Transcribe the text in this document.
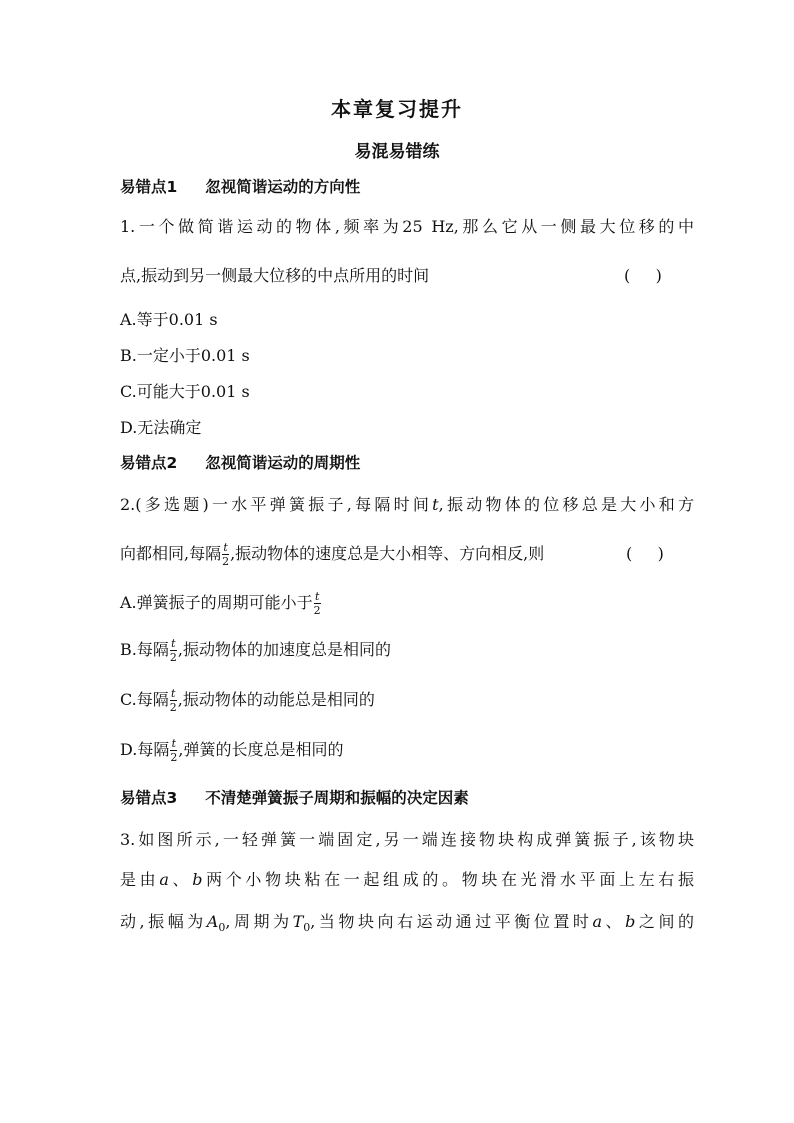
本章复习提升
易混易错练
易错点1 忽视简谐运动的方向性
1.一个做简谐运动的物体,频率为25 Hz,那么它从一侧最大位移的中
点,振动到另一侧最大位移的中点所用的时间	(     )
A.等于0.01 s
B.一定小于0.01 s
C.可能大于0.01 s
D.无法确定
易错点2 忽视简谐运动的周期性
2.(多选题)一水平弹簧振子,每隔时间t,振动物体的位移总是大小和方
向都相同,每隔 $\frac{t}{2}$ ,振动物体的速度总是大小相等、方向相反,则	(     )
A.弹簧振子的周期可能小于 $\frac{t}{2}$
B.每隔 $\frac{t}{2}$ ,振动物体的加速度总是相同的
C.每隔 $\frac{t}{2}$ ,振动物体的动能总是相同的
D.每隔 $\frac{t}{2}$ ,弹簧的长度总是相同的
易错点3 不清楚弹簧振子周期和振幅的决定因素
3.如图所示,一轻弹簧一端固定,另一端连接物块构成弹簧振子,该物块
是由a、b两个小物块粘在一起组成的。物块在光滑水平面上左右振
动,振幅为$A_0$,周期为$T_0$,当物块向右运动通过平衡位置时a、b之间的
